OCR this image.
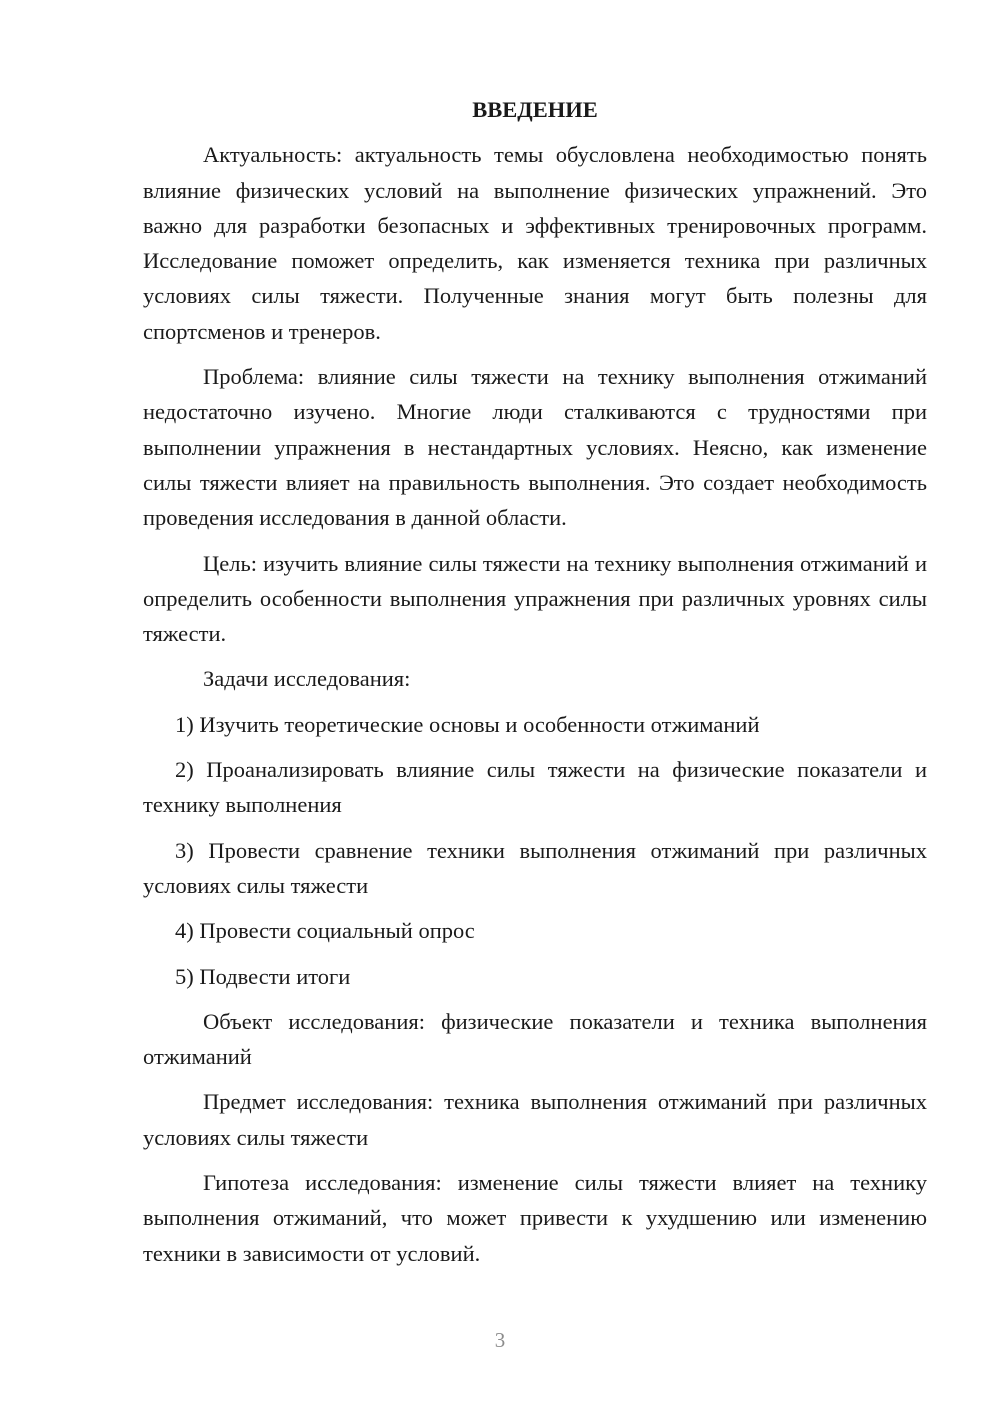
ВВЕДЕНИЕ

Актуальность: актуальность темы обусловлена необходимостью понять влияние физических условий на выполнение физических упражнений. Это важно для разработки безопасных и эффективных тренировочных программ. Исследование поможет определить, как изменяется техника при различных условиях силы тяжести. Полученные знания могут быть полезны для спортсменов и тренеров.

Проблема: влияние силы тяжести на технику выполнения отжиманий недостаточно изучено. Многие люди сталкиваются с трудностями при выполнении упражнения в нестандартных условиях. Неясно, как изменение силы тяжести влияет на правильность выполнения. Это создает необходимость проведения исследования в данной области.

Цель: изучить влияние силы тяжести на технику выполнения отжиманий и определить особенности выполнения упражнения при различных уровнях силы тяжести.

Задачи исследования:

1) Изучить теоретические основы и особенности отжиманий

2) Проанализировать влияние силы тяжести на физические показатели и технику выполнения

3) Провести сравнение техники выполнения отжиманий при различных условиях силы тяжести

4) Провести социальный опрос

5) Подвести итоги

Объект исследования: физические показатели и техника выполнения отжиманий

Предмет исследования: техника выполнения отжиманий при различных условиях силы тяжести

Гипотеза исследования: изменение силы тяжести влияет на технику выполнения отжиманий, что может привести к ухудшению или изменению техники в зависимости от условий.

3
